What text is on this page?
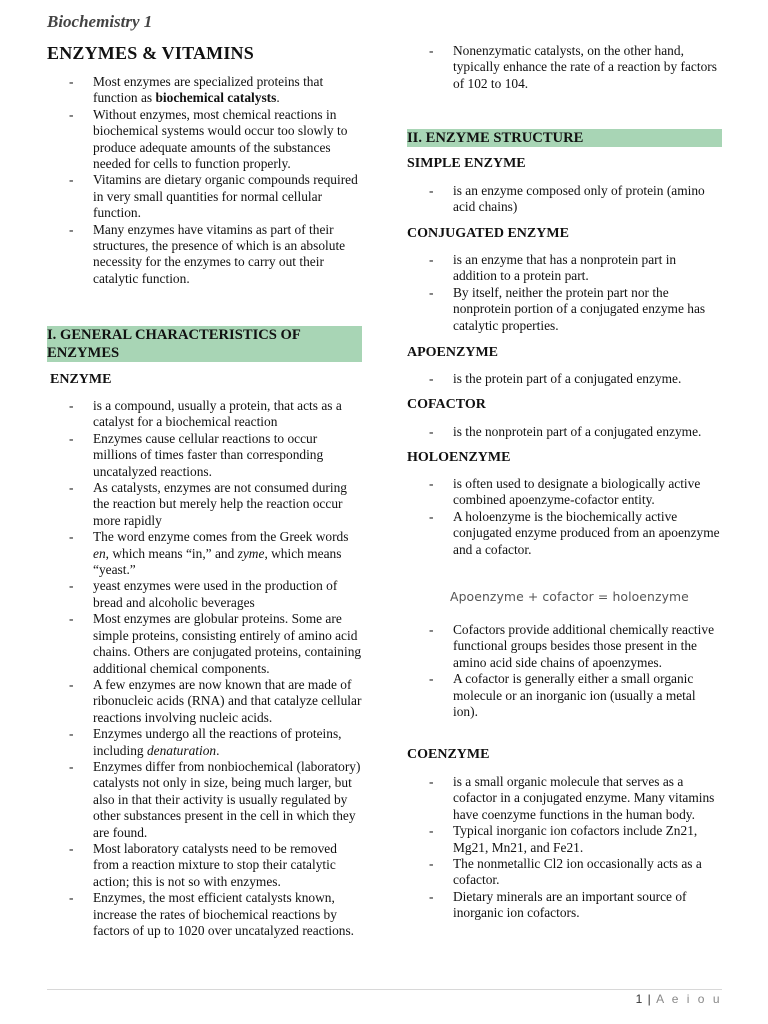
Biochemistry 1
ENZYMES & VITAMINS
- Most enzymes are specialized proteins that function as biochemical catalysts.
- Without enzymes, most chemical reactions in biochemical systems would occur too slowly to produce adequate amounts of the substances needed for cells to function properly.
- Vitamins are dietary organic compounds required in very small quantities for normal cellular function.
- Many enzymes have vitamins as part of their structures, the presence of which is an absolute necessity for the enzymes to carry out their catalytic function.
I. GENERAL CHARACTERISTICS OF ENZYMES
ENZYME
- is a compound, usually a protein, that acts as a catalyst for a biochemical reaction
- Enzymes cause cellular reactions to occur millions of times faster than corresponding uncatalyzed reactions.
- As catalysts, enzymes are not consumed during the reaction but merely help the reaction occur more rapidly
- The word enzyme comes from the Greek words en, which means “in,” and zyme, which means “yeast.”
- yeast enzymes were used in the production of bread and alcoholic beverages
- Most enzymes are globular proteins. Some are simple proteins, consisting entirely of amino acid chains. Others are conjugated proteins, containing additional chemical components.
- A few enzymes are now known that are made of ribonucleic acids (RNA) and that catalyze cellular reactions involving nucleic acids.
- Enzymes undergo all the reactions of proteins, including denaturation.
- Enzymes differ from nonbiochemical (laboratory) catalysts not only in size, being much larger, but also in that their activity is usually regulated by other substances present in the cell in which they are found.
- Most laboratory catalysts need to be removed from a reaction mixture to stop their catalytic action; this is not so with enzymes.
- Enzymes, the most efficient catalysts known, increase the rates of biochemical reactions by factors of up to 1020 over uncatalyzed reactions.
- Nonenzymatic catalysts, on the other hand, typically enhance the rate of a reaction by factors of 102 to 104.
II. ENZYME STRUCTURE
SIMPLE ENZYME
- is an enzyme composed only of protein (amino acid chains)
CONJUGATED ENZYME
- is an enzyme that has a nonprotein part in addition to a protein part.
- By itself, neither the protein part nor the nonprotein portion of a conjugated enzyme has catalytic properties.
APOENZYME
- is the protein part of a conjugated enzyme.
COFACTOR
- is the nonprotein part of a conjugated enzyme.
HOLOENZYME
- is often used to designate a biologically active combined apoenzyme-cofactor entity.
- A holoenzyme is the biochemically active conjugated enzyme produced from an apoenzyme and a cofactor.
Apoenzyme + cofactor = holoenzyme
- Cofactors provide additional chemically reactive functional groups besides those present in the amino acid side chains of apoenzymes.
- A cofactor is generally either a small organic molecule or an inorganic ion (usually a metal ion).
COENZYME
- is a small organic molecule that serves as a cofactor in a conjugated enzyme. Many vitamins have coenzyme functions in the human body.
- Typical inorganic ion cofactors include Zn21, Mg21, Mn21, and Fe21.
- The nonmetallic Cl2 ion occasionally acts as a cofactor.
- Dietary minerals are an important source of inorganic ion cofactors.
1 | A e i o u
